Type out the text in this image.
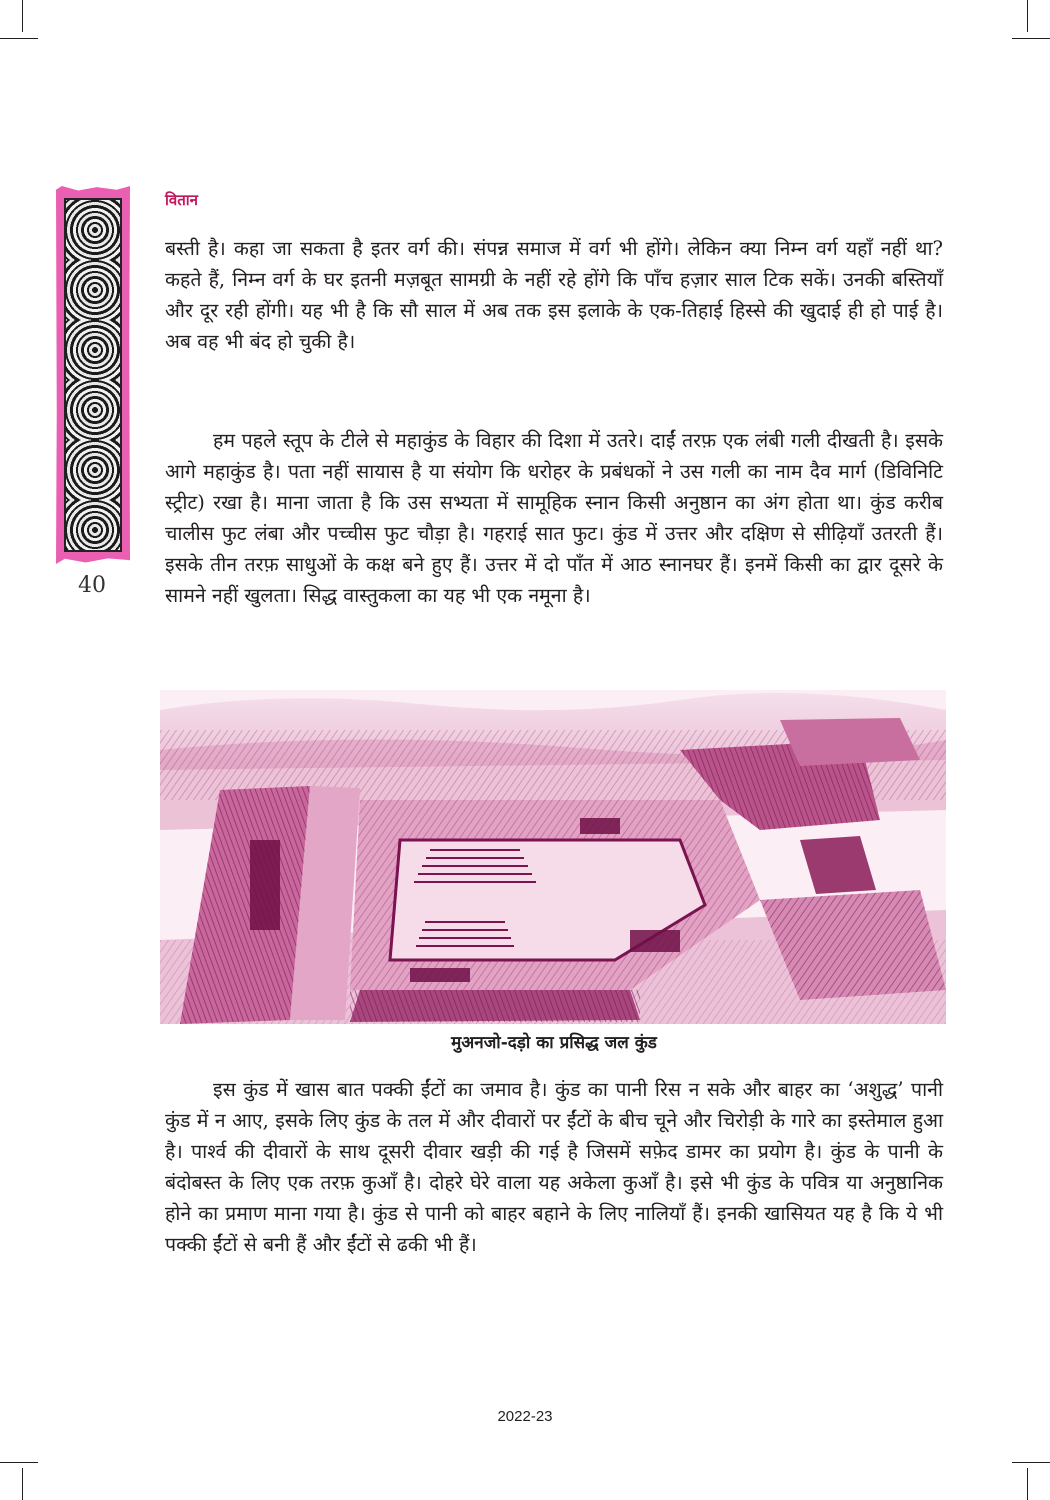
वितान
40

बस्ती है। कहा जा सकता है इतर वर्ग की। संपन्न समाज में वर्ग भी होंगे। लेकिन क्या निम्न वर्ग यहाँ नहीं था? कहते हैं, निम्न वर्ग के घर इतनी मज़बूत सामग्री के नहीं रहे होंगे कि पाँच हज़ार साल टिक सकें। उनकी बस्तियाँ और दूर रही होंगी। यह भी है कि सौ साल में अब तक इस इलाके के एक-तिहाई हिस्से की खुदाई ही हो पाई है। अब वह भी बंद हो चुकी है।

हम पहले स्तूप के टीले से महाकुंड के विहार की दिशा में उतरे। दाईं तरफ़ एक लंबी गली दीखती है। इसके आगे महाकुंड है। पता नहीं सायास है या संयोग कि धरोहर के प्रबंधकों ने उस गली का नाम दैव मार्ग (डिविनिटि स्ट्रीट) रखा है। माना जाता है कि उस सभ्यता में सामूहिक स्नान किसी अनुष्ठान का अंग होता था। कुंड करीब चालीस फुट लंबा और पच्चीस फुट चौड़ा है। गहराई सात फुट। कुंड में उत्तर और दक्षिण से सीढ़ियाँ उतरती हैं। इसके तीन तरफ़ साधुओं के कक्ष बने हुए हैं। उत्तर में दो पाँत में आठ स्नानघर हैं। इनमें किसी का द्वार दूसरे के सामने नहीं खुलता। सिद्ध वास्तुकला का यह भी एक नमूना है।

मुअनजो-दड़ो का प्रसिद्ध जल कुंड

इस कुंड में खास बात पक्की ईंटों का जमाव है। कुंड का पानी रिस न सके और बाहर का ‘अशुद्ध’ पानी कुंड में न आए, इसके लिए कुंड के तल में और दीवारों पर ईंटों के बीच चूने और चिरोड़ी के गारे का इस्तेमाल हुआ है। पार्श्व की दीवारों के साथ दूसरी दीवार खड़ी की गई है जिसमें सफ़ेद डामर का प्रयोग है। कुंड के पानी के बंदोबस्त के लिए एक तरफ़ कुआँ है। दोहरे घेरे वाला यह अकेला कुआँ है। इसे भी कुंड के पवित्र या अनुष्ठानिक होने का प्रमाण माना गया है। कुंड से पानी को बाहर बहाने के लिए नालियाँ हैं। इनकी खासियत यह है कि ये भी पक्की ईंटों से बनी हैं और ईंटों से ढकी भी हैं।

2022-23
